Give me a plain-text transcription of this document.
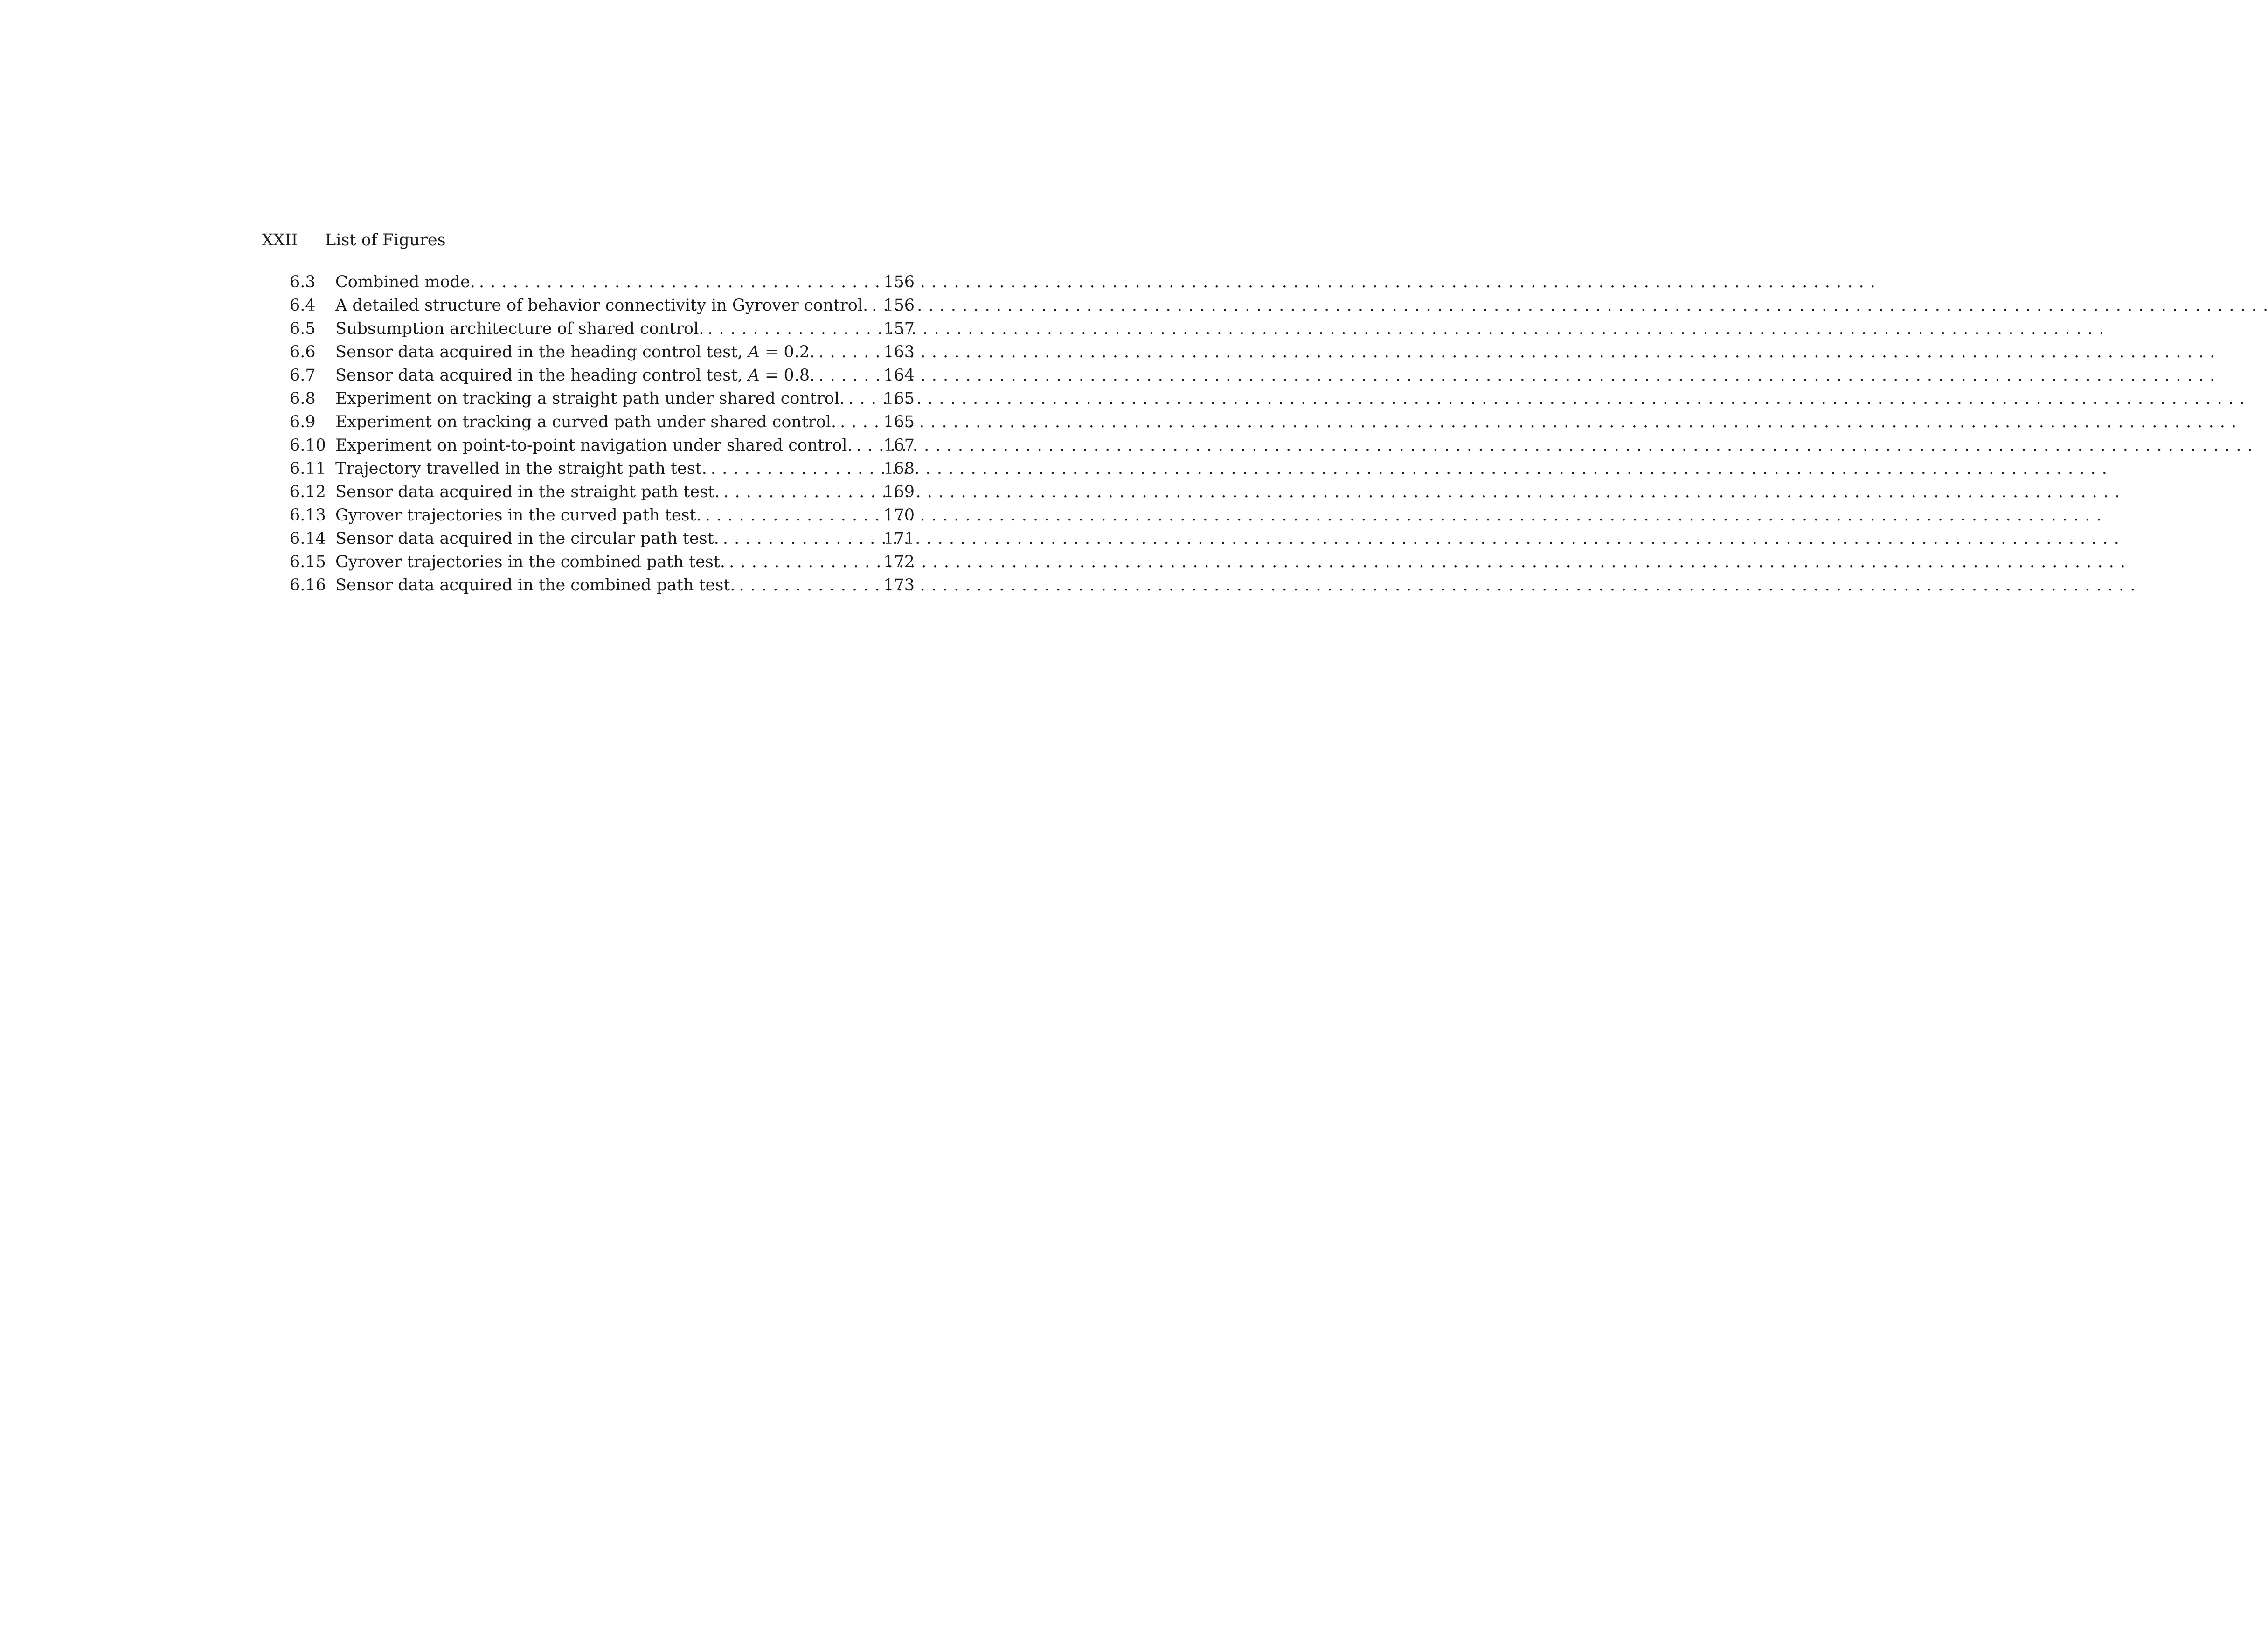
XXII List of Figures
6.3	Combined mode. . . .	156
6.4	A detailed structure of behavior connectivity in Gyrover control. . . . 156
6.5	Subsumption architecture of shared control. . . .	157
6.6	Sensor data acquired in the heading control test, A = 0.2. . . .	163
6.7	Sensor data acquired in the heading control test, A = 0.8. . . .	164
6.8	Experiment on tracking a straight path under shared control. . . . 165
6.9	Experiment on tracking a curved path under shared control. . . .	165
6.10 Experiment on point-to-point navigation under shared control. . . . 167
6.11 Trajectory travelled in the straight path test. . . .	168
6.12 Sensor data acquired in the straight path test. . . .	169
6.13 Gyrover trajectories in the curved path test. . . .	170
6.14 Sensor data acquired in the circular path test. . . .	171
6.15 Gyrover trajectories in the combined path test. . . .	172
6.16 Sensor data acquired in the combined path test. . . .	173
